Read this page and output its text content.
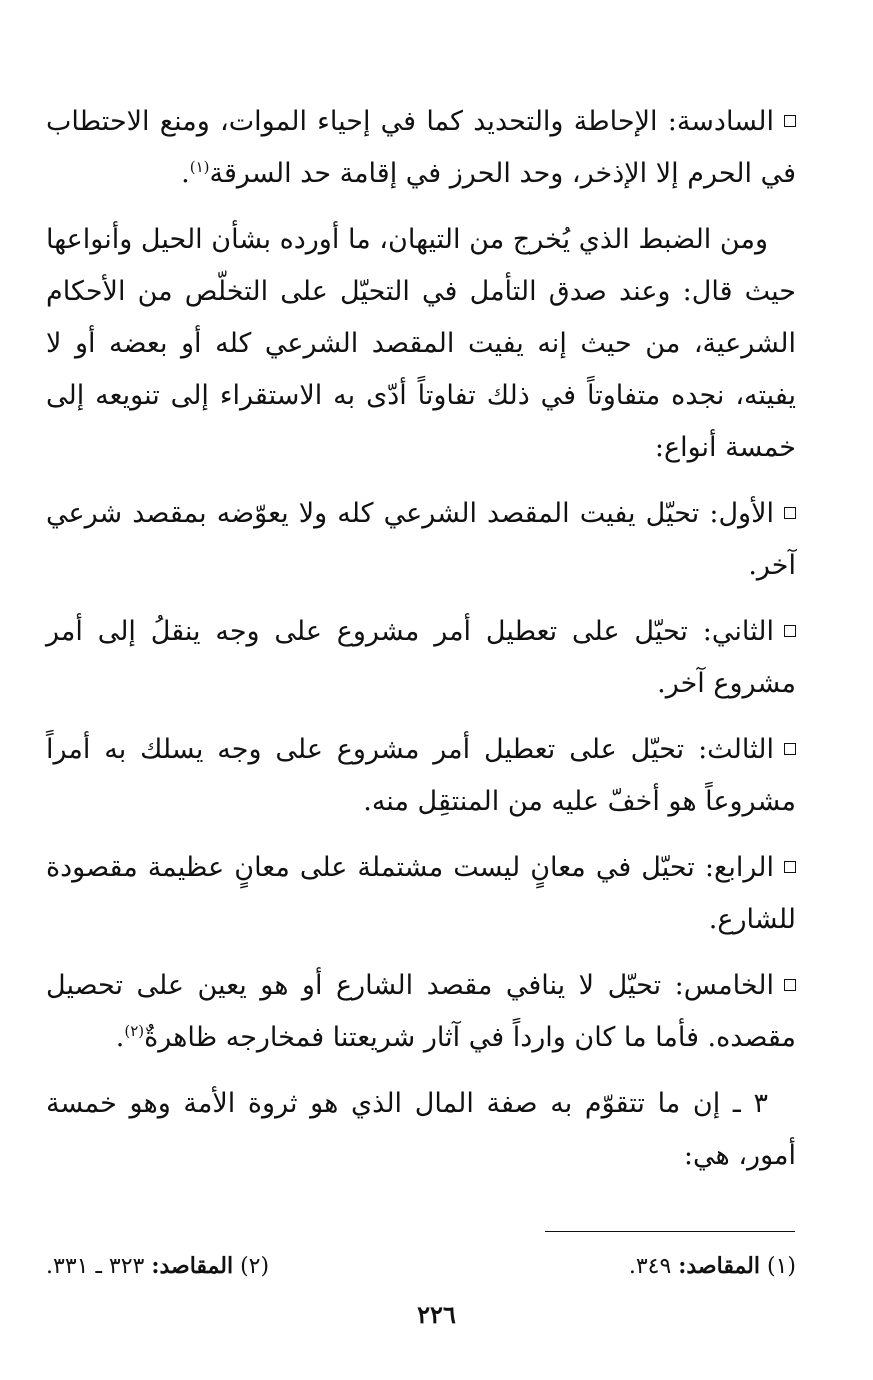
السادسة: الإحاطة والتحديد كما في إحياء الموات، ومنع الاحتطاب في الحرم إلا الإذخر، وحد الحرز في إقامة حد السرقة$^{(١)}$.

ومن الضبط الذي يُخرج من التيهان، ما أورده بشأن الحيل وأنواعها حيث قال: وعند صدق التأمل في التحيّل على التخلّص من الأحكام الشرعية، من حيث إنه يفيت المقصد الشرعي كله أو بعضه أو لا يفيته، نجده متفاوتاً في ذلك تفاوتاً أدّى به الاستقراء إلى تنويعه إلى خمسة أنواع:

الأول: تحيّل يفيت المقصد الشرعي كله ولا يعوّضه بمقصد شرعي آخر.

الثاني: تحيّل على تعطيل أمر مشروع على وجه ينقلُ إلى أمر مشروع آخر.

الثالث: تحيّل على تعطيل أمر مشروع على وجه يسلك به أمراً مشروعاً هو أخفّ عليه من المنتقِل منه.

الرابع: تحيّل في معانٍ ليست مشتملة على معانٍ عظيمة مقصودة للشارع.

الخامس: تحيّل لا ينافي مقصد الشارع أو هو يعين على تحصيل مقصده. فأما ما كان وارداً في آثار شريعتنا فمخارجه ظاهرةٌ$^{(٢)}$.

٣ ـ إن ما تتقوّم به صفة المال الذي هو ثروة الأمة وهو خمسة أمور، هي:

(١) المقاصد: ٣٤٩.
(٢) المقاصد: ٣٢٣ ـ ٣٣١.
٢٢٦
